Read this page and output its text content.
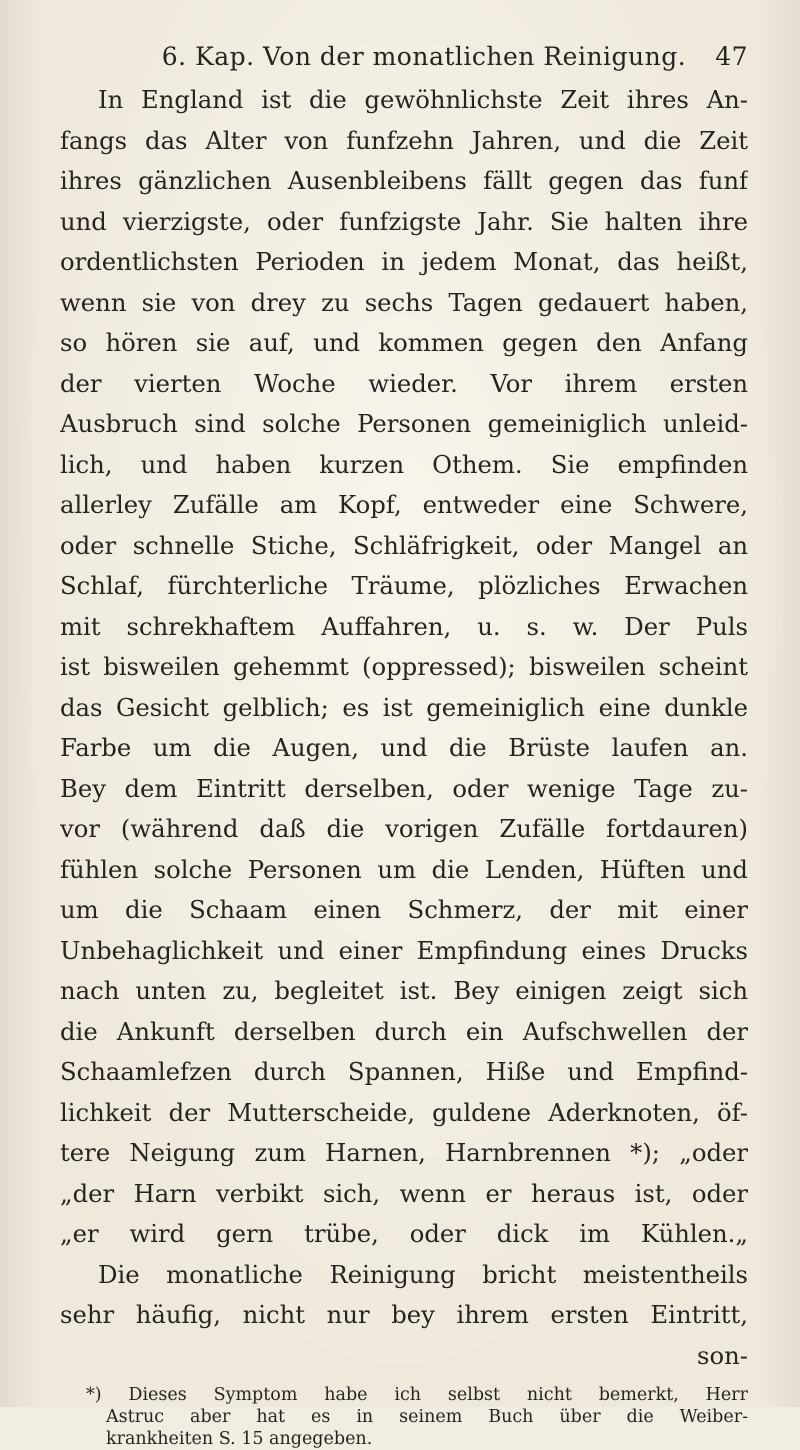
6. Kap. Von der monatlichen Reinigung.	47
In England ist die gewöhnlichste Zeit ihres An-
fangs das Alter von funfzehn Jahren, und die Zeit
ihres gänzlichen Ausenbleibens fällt gegen das funf
und vierzigste, oder funfzigste Jahr. Sie halten ihre
ordentlichsten Perioden in jedem Monat, das heißt,
wenn sie von drey zu sechs Tagen gedauert haben,
so hören sie auf, und kommen gegen den Anfang
der vierten Woche wieder. Vor ihrem ersten
Ausbruch sind solche Personen gemeiniglich unleid-
lich, und haben kurzen Othem. Sie empfinden
allerley Zufälle am Kopf, entweder eine Schwere,
oder schnelle Stiche, Schläfrigkeit, oder Mangel an
Schlaf, fürchterliche Träume, plözliches Erwachen
mit schrekhaftem Auffahren, u. s. w. Der Puls
ist bisweilen gehemmt (oppressed); bisweilen scheint
das Gesicht gelblich; es ist gemeiniglich eine dunkle
Farbe um die Augen, und die Brüste laufen an.
Bey dem Eintritt derselben, oder wenige Tage zu-
vor (während daß die vorigen Zufälle fortdauren)
fühlen solche Personen um die Lenden, Hüften und
um die Schaam einen Schmerz, der mit einer
Unbehaglichkeit und einer Empfindung eines Drucks
nach unten zu, begleitet ist. Bey einigen zeigt sich
die Ankunft derselben durch ein Aufschwellen der
Schaamlefzen durch Spannen, Hiße und Empfind-
lichkeit der Mutterscheide, guldene Aderknoten, öf-
tere Neigung zum Harnen, Harnbrennen *); „oder
„der Harn verbikt sich, wenn er heraus ist, oder
„er wird gern trübe, oder dick im Kühlen.„
Die monatliche Reinigung bricht meistentheils
sehr häufig, nicht nur bey ihrem ersten Eintritt,
son-
*) Dieses Symptom habe ich selbst nicht bemerkt, Herr
Astruc aber hat es in seinem Buch über die Weiber-
krankheiten S. 15 angegeben.
